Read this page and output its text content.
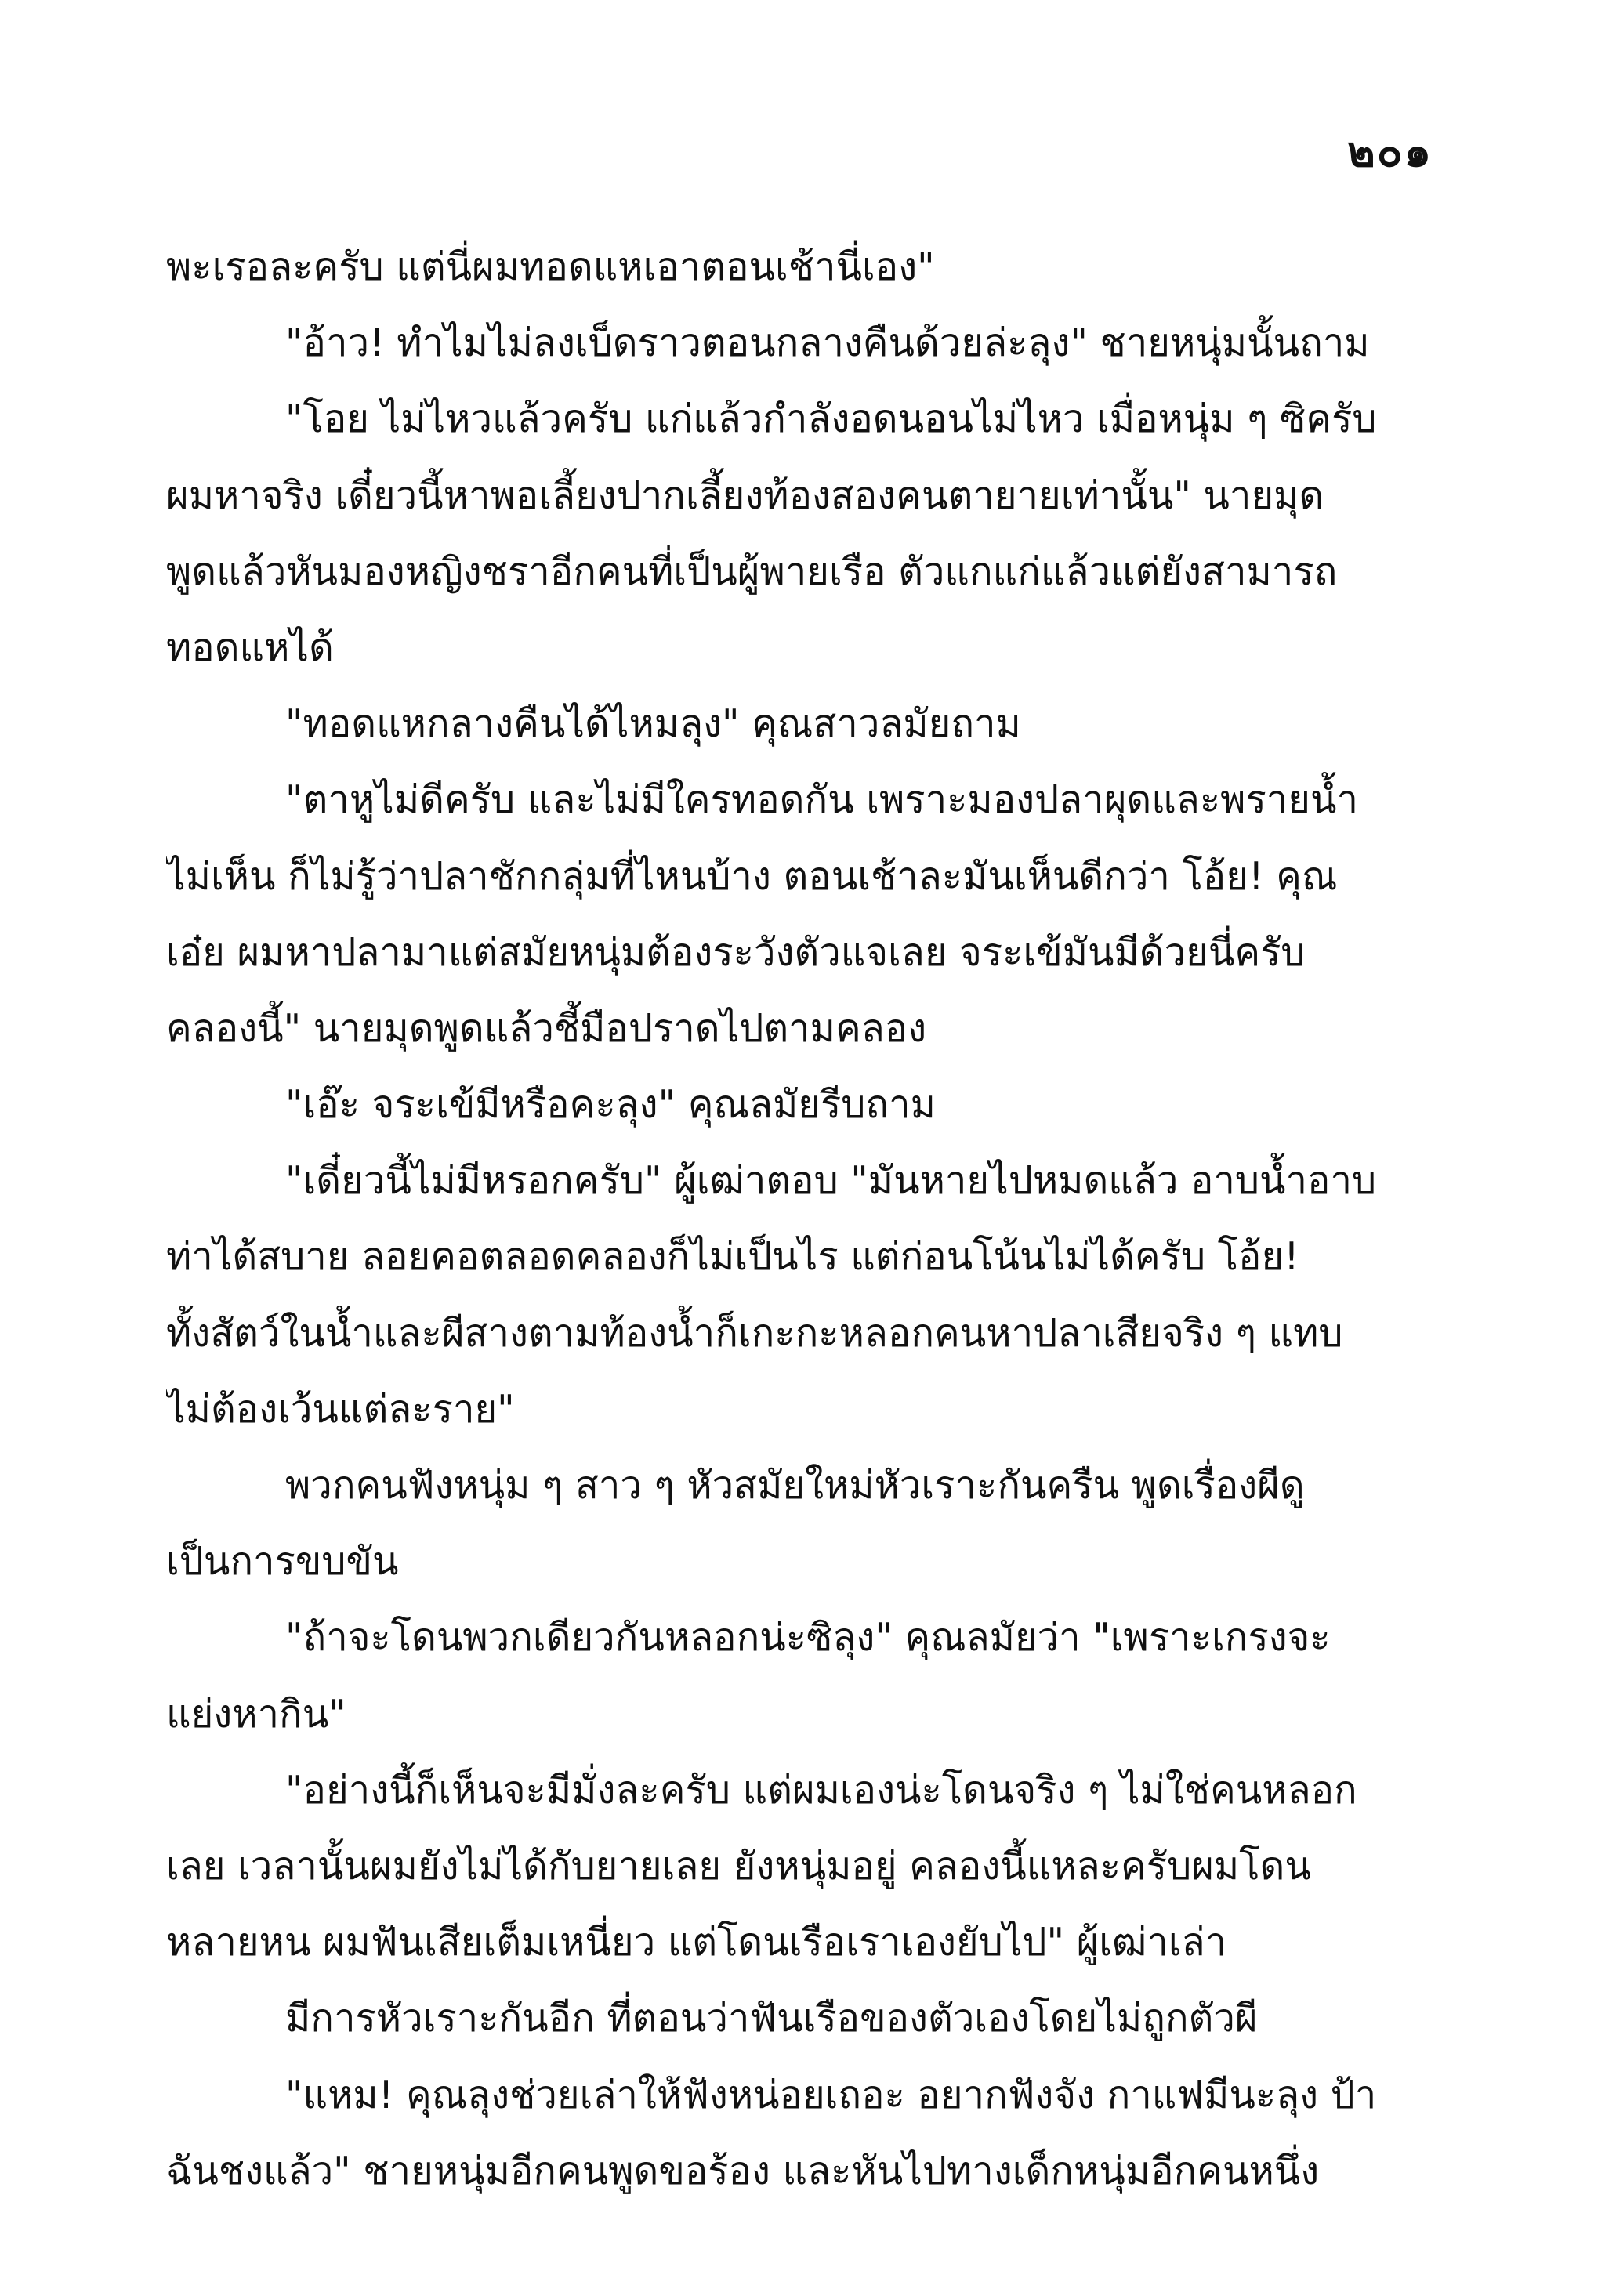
๒๐๑
พะเรอละครับ แต่นี่ผมทอดแหเอาตอนเช้านี่เอง"
"อ้าว! ทำไมไม่ลงเบ็ดราวตอนกลางคืนด้วยล่ะลุง" ชายหนุ่มนั้นถาม
"โอย ไม่ไหวแล้วครับ แก่แล้วกำลังอดนอนไม่ไหว เมื่อหนุ่ม ๆ ซิครับ
ผมหาจริง เดี๋ยวนี้หาพอเลี้ยงปากเลี้ยงท้องสองคนตายายเท่านั้น" นายมุด
พูดแล้วหันมองหญิงชราอีกคนที่เป็นผู้พายเรือ ตัวแกแก่แล้วแต่ยังสามารถ
ทอดแหได้
"ทอดแหกลางคืนได้ไหมลุง" คุณสาวลมัยถาม
"ตาหูไม่ดีครับ และไม่มีใครทอดกัน เพราะมองปลาผุดและพรายน้ำ
ไม่เห็น ก็ไม่รู้ว่าปลาชักกลุ่มที่ไหนบ้าง ตอนเช้าละมันเห็นดีกว่า โอ้ย! คุณ
เอ๋ย ผมหาปลามาแต่สมัยหนุ่มต้องระวังตัวแจเลย จระเข้มันมีด้วยนี่ครับ
คลองนี้" นายมุดพูดแล้วชี้มือปราดไปตามคลอง
"เอ๊ะ จระเข้มีหรือคะลุง" คุณลมัยรีบถาม
"เดี๋ยวนี้ไม่มีหรอกครับ" ผู้เฒ่าตอบ "มันหายไปหมดแล้ว อาบน้ำอาบ
ท่าได้สบาย ลอยคอตลอดคลองก็ไม่เป็นไร แต่ก่อนโน้นไม่ได้ครับ โอ้ย!
ทั้งสัตว์ในน้ำและผีสางตามท้องน้ำก็เกะกะหลอกคนหาปลาเสียจริง ๆ แทบ
ไม่ต้องเว้นแต่ละราย"
พวกคนฟังหนุ่ม ๆ สาว ๆ หัวสมัยใหม่หัวเราะกันครืน พูดเรื่องผีดู
เป็นการขบขัน
"ถ้าจะโดนพวกเดียวกันหลอกน่ะซิลุง" คุณลมัยว่า "เพราะเกรงจะ
แย่งหากิน"
"อย่างนี้ก็เห็นจะมีมั่งละครับ แต่ผมเองน่ะโดนจริง ๆ ไม่ใช่คนหลอก
เลย เวลานั้นผมยังไม่ได้กับยายเลย ยังหนุ่มอยู่ คลองนี้แหละครับผมโดน
หลายหน ผมฟันเสียเต็มเหนี่ยว แต่โดนเรือเราเองยับไป" ผู้เฒ่าเล่า
มีการหัวเราะกันอีก ที่ตอนว่าฟันเรือของตัวเองโดยไม่ถูกตัวผี
"แหม! คุณลุงช่วยเล่าให้ฟังหน่อยเถอะ อยากฟังจัง กาแฟมีนะลุง ป้า
ฉันชงแล้ว" ชายหนุ่มอีกคนพูดขอร้อง และหันไปทางเด็กหนุ่มอีกคนหนึ่ง
